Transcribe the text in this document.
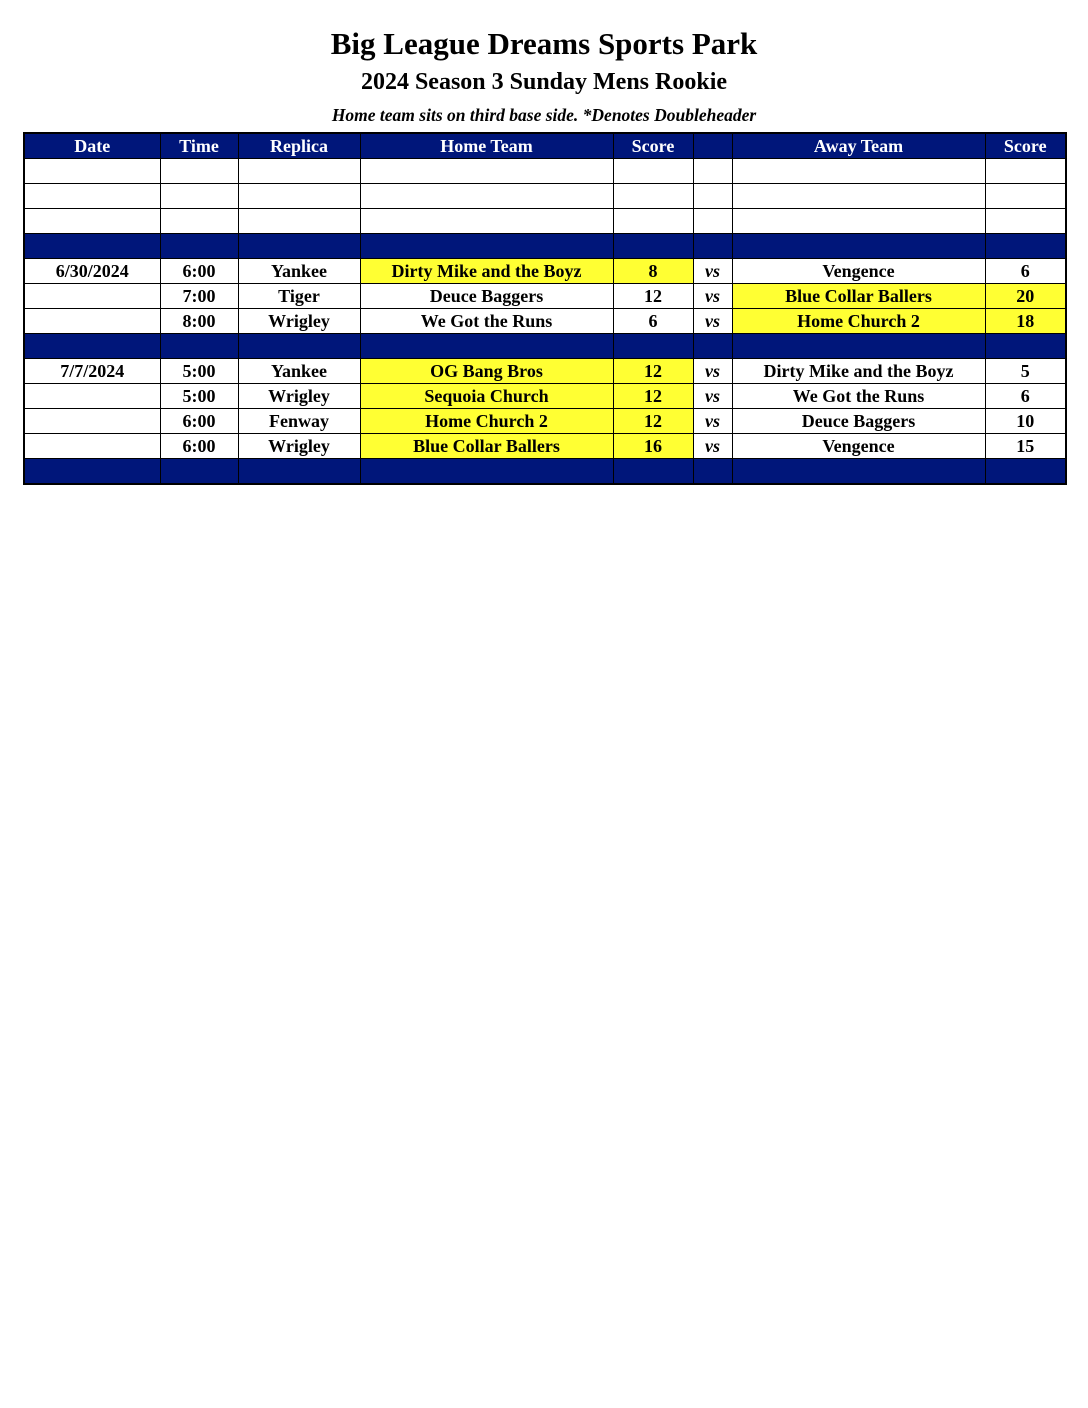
Big League Dreams Sports Park
2024 Season 3 Sunday Mens Rookie
Home team sits on third base side. *Denotes Doubleheader
Date	Time	Replica	Home Team	Score		Away Team	Score

6/30/2024	6:00	Yankee	Dirty Mike and the Boyz	8	vs	Vengence	6
	7:00	Tiger	Deuce Baggers	12	vs	Blue Collar Ballers	20
	8:00	Wrigley	We Got the Runs	6	vs	Home Church 2	18

7/7/2024	5:00	Yankee	OG Bang Bros	12	vs	Dirty Mike and the Boyz	5
	5:00	Wrigley	Sequoia Church	12	vs	We Got the Runs	6
	6:00	Fenway	Home Church 2	12	vs	Deuce Baggers	10
	6:00	Wrigley	Blue Collar Ballers	16	vs	Vengence	15
